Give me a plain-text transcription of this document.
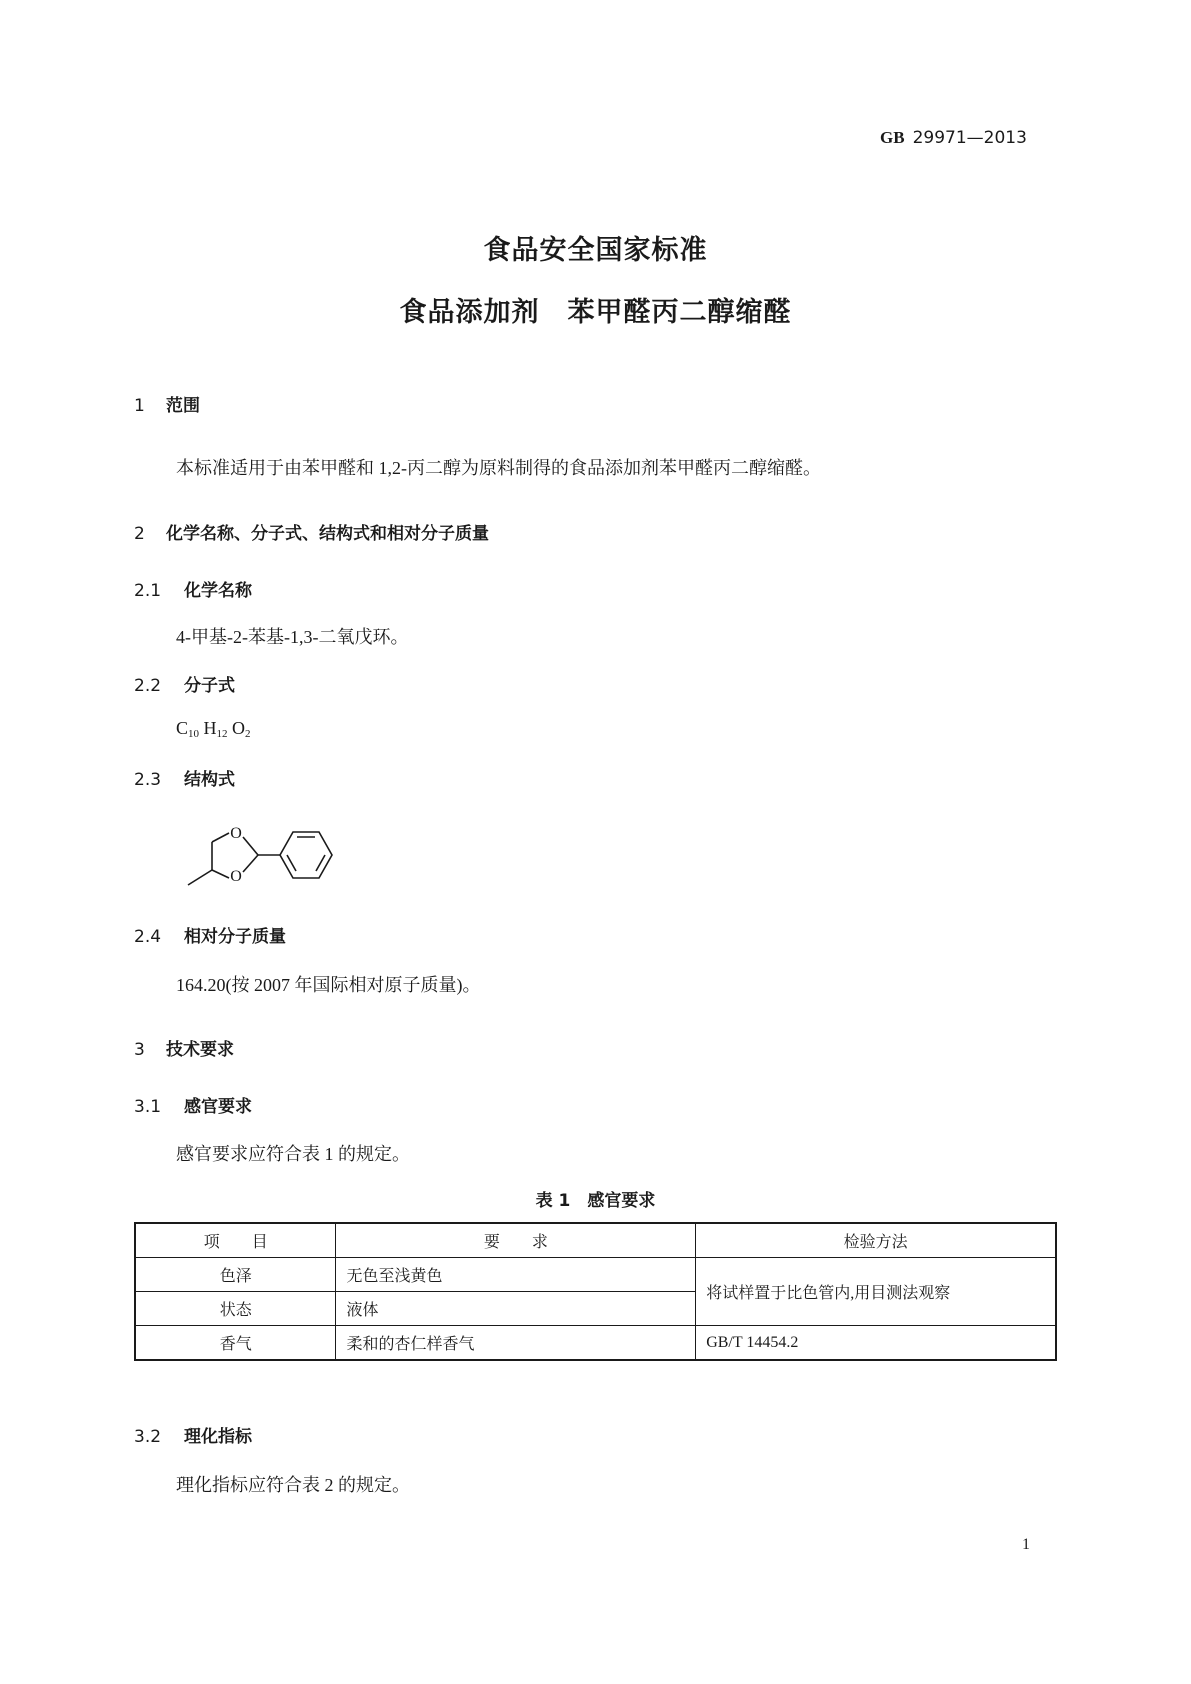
GB 29971—2013
食品安全国家标准
食品添加剂　苯甲醛丙二醇缩醛
1 范围
本标准适用于由苯甲醛和 1,2-丙二醇为原料制得的食品添加剂苯甲醛丙二醇缩醛。
2 化学名称、分子式、结构式和相对分子质量
2.1 化学名称
4-甲基-2-苯基-1,3-二氧戊环。
2.2 分子式
$C_{10}$ $H_{12}$ $O_2$
2.3 结构式
O
O
2.4 相对分子质量
164.20(按 2007 年国际相对原子质量)。
3 技术要求
3.1 感官要求
感官要求应符合表 1 的规定。
表 1　感官要求
项　　目	要　　求	检验方法
色泽	无色至浅黄色	将试样置于比色管内,用目测法观察
状态	液体	
香气	柔和的杏仁样香气	GB/T 14454.2
3.2 理化指标
理化指标应符合表 2 的规定。
1
